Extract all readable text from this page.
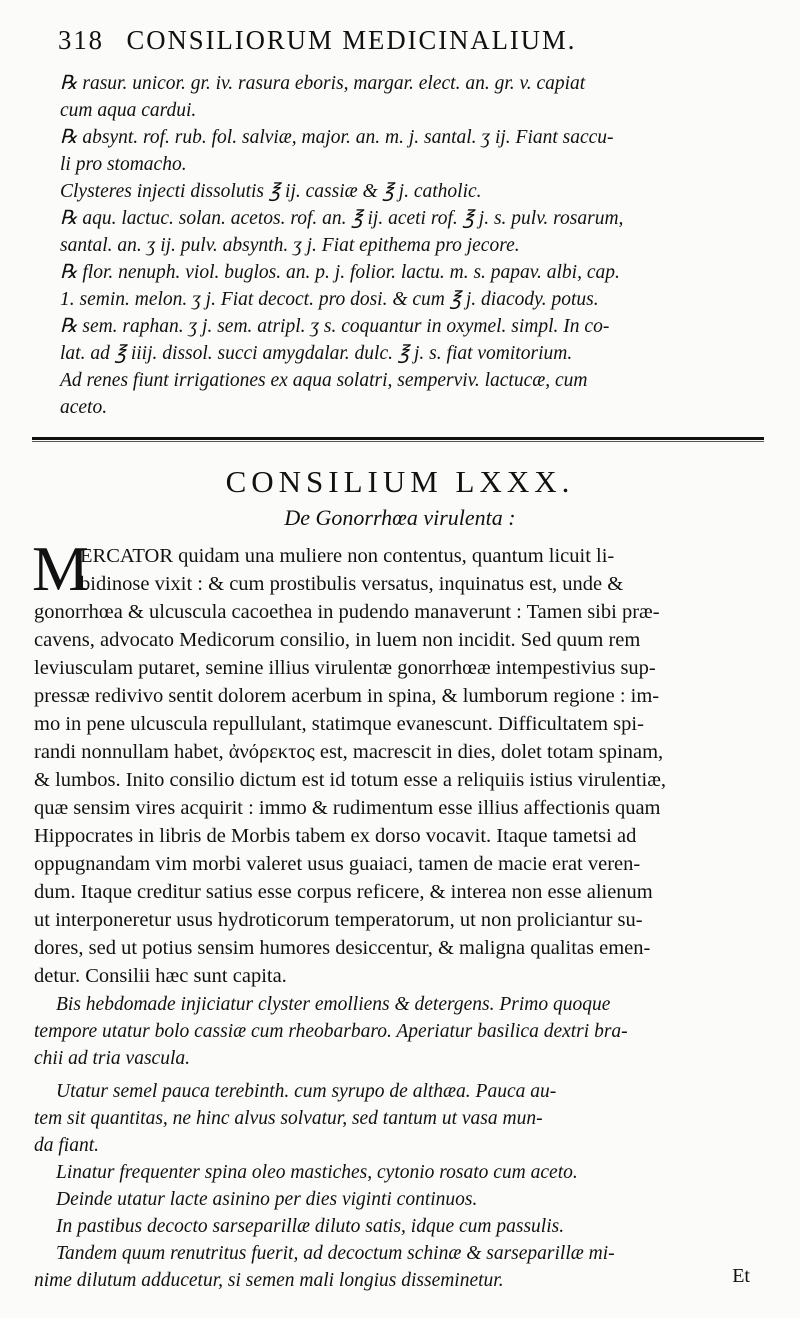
318 CONSILIORUM MEDICINALIUM.
℞ rasur. unicor. gr. iv. rasura eboris, margar. elect. an. gr. v. capiat
cum aqua cardui.
℞ absynt. rof. rub. fol. salviæ, major. an. m. j. santal. ʒ ij. Fiant saccu-
li pro stomacho.
Clysteres injecti dissolutis ℥ ij. cassiæ & ℥ j. catholic.
℞ aqu. lactuc. solan. acetos. rof. an. ℥ ij. aceti rof. ℥ j. s. pulv. rosarum,
santal. an. ʒ ij. pulv. absynth. ʒ j. Fiat epithema pro jecore.
℞ flor. nenuph. viol. buglos. an. p. j. folior. lactu. m. s. papav. albi, cap.
1. semin. melon. ʒ j. Fiat decoct. pro dosi. & cum ℥ j. diacody. potus.
℞ sem. raphan. ʒ j. sem. atripl. ʒ s. coquantur in oxymel. simpl. In co-
lat. ad ℥ iiij. dissol. succi amygdalar. dulc. ℥ j. s. fiat vomitorium.
Ad renes fiunt irrigationes ex aqua solatri, semperviv. lactucæ, cum
aceto.
CONSILIUM LXXX.
De Gonorrhœa virulenta :
M
ERCATOR quidam una muliere non contentus, quantum licuit li-
bidinose vixit : & cum prostibulis versatus, inquinatus est, unde &
gonorrhœa & ulcuscula cacoethea in pudendo manaverunt : Tamen sibi præ-
cavens, advocato Medicorum consilio, in luem non incidit. Sed quum rem
leviusculam putaret, semine illius virulentæ gonorrhœæ intempestivius sup-
pressæ redivivo sentit dolorem acerbum in spina, & lumborum regione : im-
mo in pene ulcuscula repullulant, statimque evanescunt. Difficultatem spi-
randi nonnullam habet, ἀνόρεκτος est, macrescit in dies, dolet totam spinam,
& lumbos. Inito consilio dictum est id totum esse a reliquiis istius virulentiæ,
quæ sensim vires acquirit : immo & rudimentum esse illius affectionis quam
Hippocrates in libris de Morbis tabem ex dorso vocavit. Itaque tametsi ad
oppugnandam vim morbi valeret usus guaiaci, tamen de macie erat veren-
dum. Itaque creditur satius esse corpus reficere, & interea non esse alienum
ut interponeretur usus hydroticorum temperatorum, ut non proliciantur su-
dores, sed ut potius sensim humores desiccentur, & maligna qualitas emen-
detur. Consilii hæc sunt capita.
Bis hebdomade injiciatur clyster emolliens & detergens. Primo quoque
tempore utatur bolo cassiæ cum rheobarbaro. Aperiatur basilica dextri bra-
chii ad tria vascula.
Utatur semel pauca terebinth. cum syrupo de althæa. Pauca au-
tem sit quantitas, ne hinc alvus solvatur, sed tantum ut vasa mun-
da fiant.
Linatur frequenter spina oleo mastiches, cytonio rosato cum aceto.
Deinde utatur lacte asinino per dies viginti continuos.
In pastibus decocto sarseparillæ diluto satis, idque cum passulis.
Tandem quum renutritus fuerit, ad decoctum schinæ & sarseparillæ mi-
nime dilutum adducetur, si semen mali longius disseminetur.	Et
